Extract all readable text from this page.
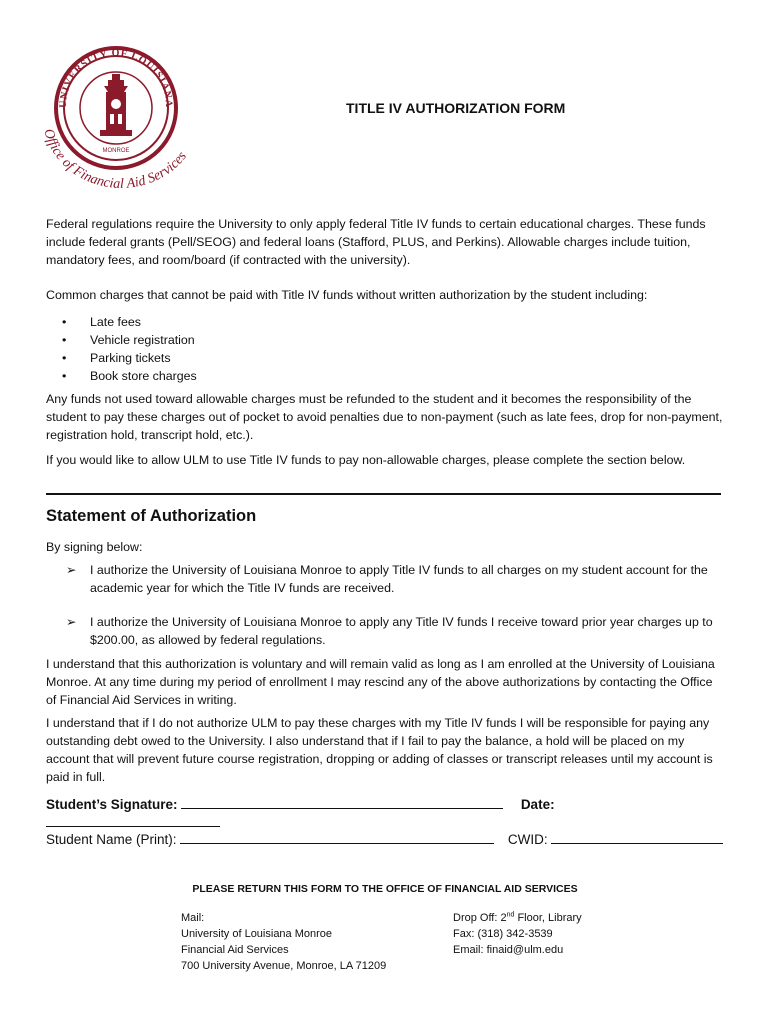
UNIVERSITY OF LOUISIANA
MONROE
Office of Financial Aid Services
TITLE IV AUTHORIZATION FORM

Federal regulations require the University to only apply federal Title IV funds to certain educational charges. These funds include federal grants (Pell/SEOG) and federal loans (Stafford, PLUS, and Perkins). Allowable charges include tuition, mandatory fees, and room/board (if contracted with the university).

Common charges that cannot be paid with Title IV funds without written authorization by the student including:

•	Late fees
•	Vehicle registration
•	Parking tickets
•	Book store charges

Any funds not used toward allowable charges must be refunded to the student and it becomes the responsibility of the student to pay these charges out of pocket to avoid penalties due to non-payment (such as late fees, drop for non-payment, registration hold, transcript hold, etc.).

If you would like to allow ULM to use Title IV funds to pay non-allowable charges, please complete the section below.

Statement of Authorization

By signing below:

➢	I authorize the University of Louisiana Monroe to apply Title IV funds to all charges on my student account for the academic year for which the Title IV funds are received.
➢	I authorize the University of Louisiana Monroe to apply any Title IV funds I receive toward prior year charges up to $200.00, as allowed by federal regulations.

I understand that this authorization is voluntary and will remain valid as long as I am enrolled at the University of Louisiana Monroe. At any time during my period of enrollment I may rescind any of the above authorizations by contacting the Office of Financial Aid Services in writing.

I understand that if I do not authorize ULM to pay these charges with my Title IV funds I will be responsible for paying any outstanding debt owed to the University. I also understand that if I fail to pay the balance, a hold will be placed on my account that will prevent future course registration, dropping or adding of classes or transcript releases until my account is paid in full.

Student’s Signature:	Date:
Student Name (Print):	CWID:
PLEASE RETURN THIS FORM TO THE OFFICE OF FINANCIAL AID SERVICES
Mail:
University of Louisiana Monroe
Financial Aid Services
700 University Avenue, Monroe, LA 71209
Drop Off: 2nd Floor, Library
Fax: (318) 342-3539
Email: finaid@ulm.edu
